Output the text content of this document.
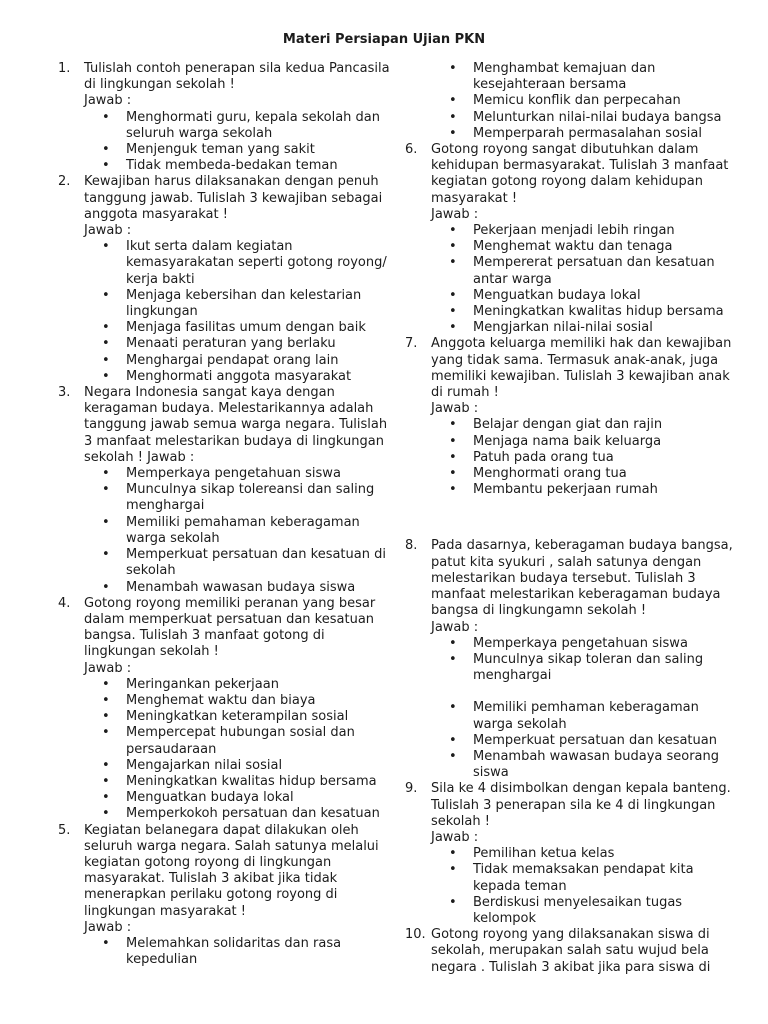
Materi Persiapan Ujian PKN
1. Tulislah contoh penerapan sila kedua Pancasila di lingkungan sekolah !
Jawab :
• Menghormati guru, kepala sekolah dan seluruh warga sekolah
• Menjenguk teman yang sakit
• Tidak membeda-bedakan teman
2. Kewajiban harus dilaksanakan dengan penuh tanggung jawab. Tulislah 3 kewajiban sebagai anggota masyarakat !
Jawab :
• Ikut serta dalam kegiatan kemasyarakatan seperti gotong royong/ kerja bakti
• Menjaga kebersihan dan kelestarian lingkungan
• Menjaga fasilitas umum dengan baik
• Menaati peraturan yang berlaku
• Menghargai pendapat orang lain
• Menghormati anggota masyarakat
3. Negara Indonesia sangat kaya dengan keragaman budaya. Melestarikannya adalah tanggung jawab semua warga negara. Tulislah 3 manfaat melestarikan budaya di lingkungan sekolah ! Jawab :
• Memperkaya pengetahuan siswa
• Munculnya sikap tolereansi dan saling menghargai
• Memiliki pemahaman keberagaman warga sekolah
• Memperkuat persatuan dan kesatuan di sekolah
• Menambah wawasan budaya siswa
4. Gotong royong memiliki peranan yang besar dalam memperkuat persatuan dan kesatuan bangsa. Tulislah 3 manfaat gotong di lingkungan sekolah !
Jawab :
• Meringankan pekerjaan
• Menghemat waktu dan biaya
• Meningkatkan keterampilan sosial
• Mempercepat hubungan sosial dan persaudaraan
• Mengajarkan nilai sosial
• Meningkatkan kwalitas hidup bersama
• Menguatkan budaya lokal
• Memperkokoh persatuan dan kesatuan
5. Kegiatan belanegara dapat dilakukan oleh seluruh warga negara. Salah satunya melalui kegiatan gotong royong di lingkungan masyarakat. Tulislah 3 akibat jika tidak menerapkan perilaku gotong royong di lingkungan masyarakat !
Jawab :
• Melemahkan solidaritas dan rasa kepedulian
• Menghambat kemajuan dan kesejahteraan bersama
• Memicu konflik dan perpecahan
• Melunturkan nilai-nilai budaya bangsa
• Memperparah permasalahan sosial
6. Gotong royong sangat dibutuhkan dalam kehidupan bermasyarakat. Tulislah 3 manfaat kegiatan gotong royong dalam kehidupan masyarakat !
Jawab :
• Pekerjaan menjadi lebih ringan
• Menghemat waktu dan tenaga
• Mempererat persatuan dan kesatuan antar warga
• Menguatkan budaya lokal
• Meningkatkan kwalitas hidup bersama
• Mengjarkan nilai-nilai sosial
7. Anggota keluarga memiliki hak dan kewajiban yang tidak sama. Termasuk anak-anak, juga memiliki kewajiban. Tulislah 3 kewajiban anak di rumah !
Jawab :
• Belajar dengan giat dan rajin
• Menjaga nama baik keluarga
• Patuh pada orang tua
• Menghormati orang tua
• Membantu pekerjaan rumah
8. Pada dasarnya, keberagaman budaya bangsa, patut kita syukuri , salah satunya dengan melestarikan budaya tersebut. Tulislah 3 manfaat melestarikan keberagaman budaya bangsa di lingkungamn sekolah !
Jawab :
• Memperkaya pengetahuan siswa
• Munculnya sikap toleran dan saling menghargai
• Memiliki pemhaman keberagaman warga sekolah
• Memperkuat persatuan dan kesatuan
• Menambah wawasan budaya seorang siswa
9. Sila ke 4 disimbolkan dengan kepala banteng. Tulislah 3 penerapan sila ke 4 di lingkungan sekolah !
Jawab :
• Pemilihan ketua kelas
• Tidak memaksakan pendapat kita kepada teman
• Berdiskusi menyelesaikan tugas kelompok
10. Gotong royong yang dilaksanakan siswa di sekolah, merupakan salah satu wujud bela negara . Tulislah 3 akibat jika para siswa di
